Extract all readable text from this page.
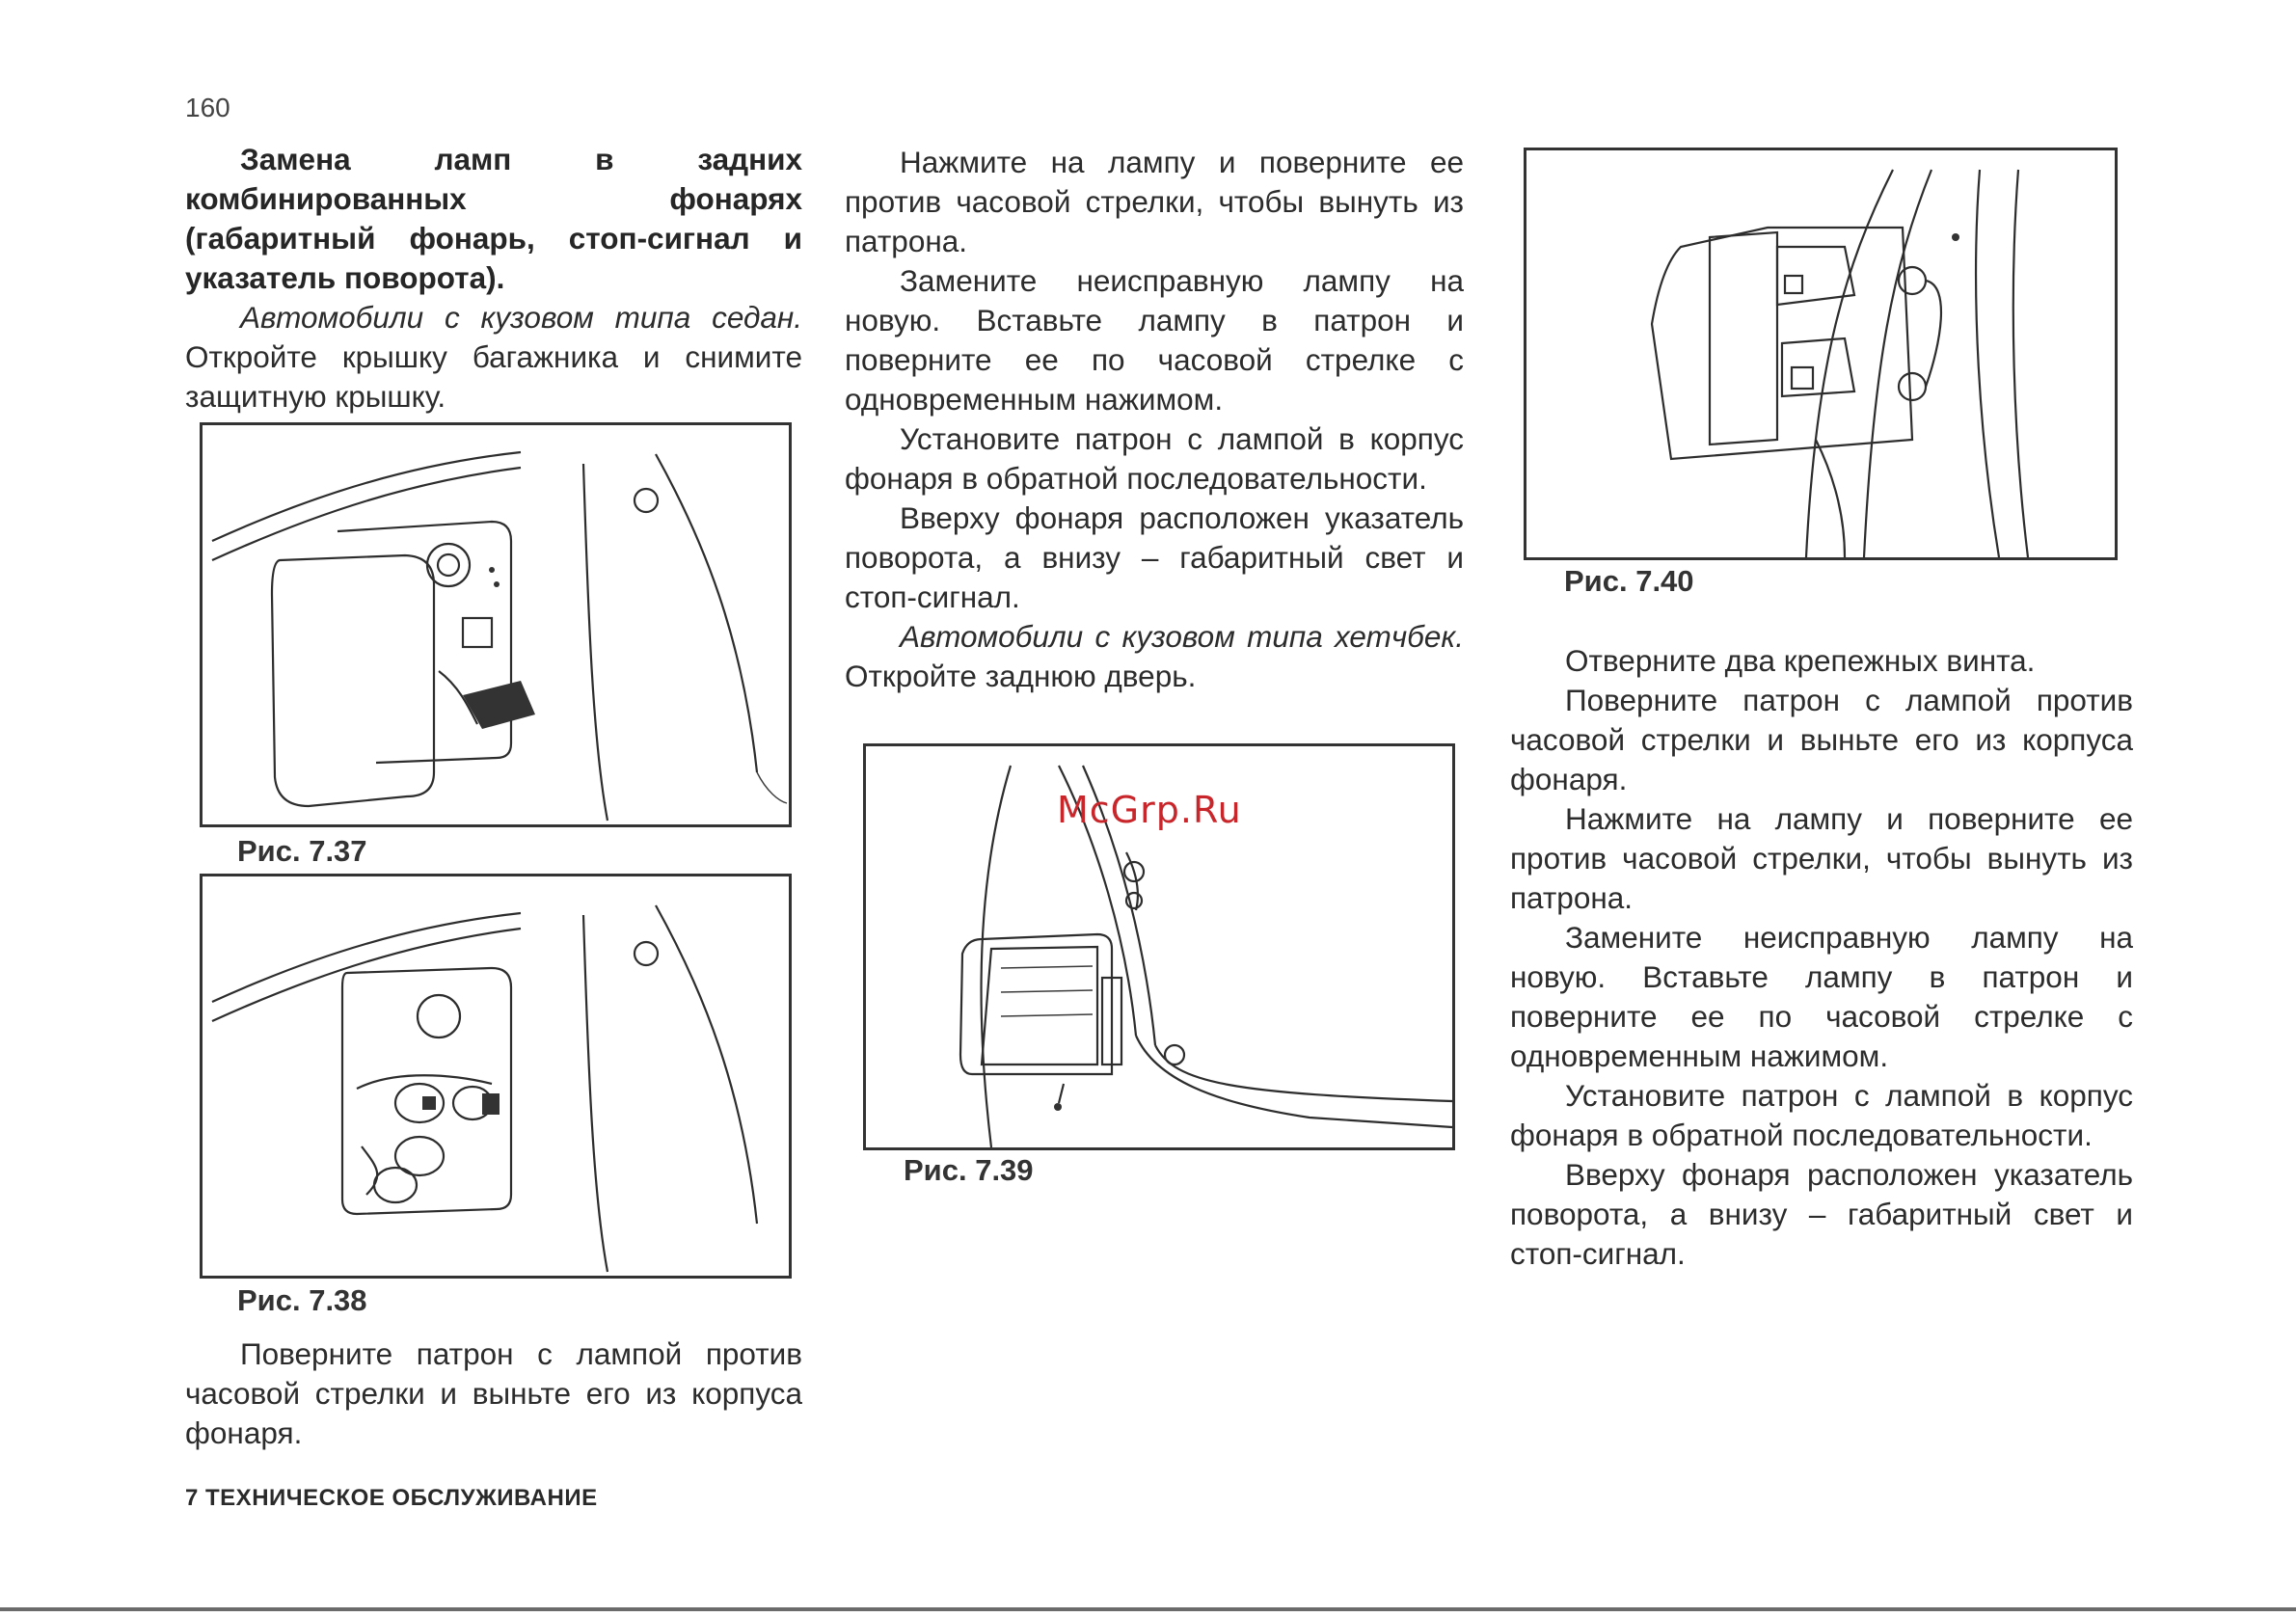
160

Замена ламп в задних комбинированных фонарях (габаритный фонарь, стоп-сигнал и указатель поворота).

Автомобили с кузовом типа седан. Откройте крышку багажника и снимите защитную крышку.

Рис. 7.37
Рис. 7.38

Поверните патрон с лампой против часовой стрелки и выньте его из корпуса фонаря.

Нажмите на лампу и поверните ее против часовой стрелки, чтобы вынуть из патрона.

Замените неисправную лампу на новую. Вставьте лампу в патрон и поверните ее по часовой стрелке с одновременным нажимом.

Установите патрон с лампой в корпус фонаря в обратной последовательности.

Вверху фонаря расположен указатель поворота, а внизу – габаритный свет и стоп-сигнал.

Автомобили с кузовом типа хетчбек. Откройте заднюю дверь.

Рис. 7.39
McGrp.Ru
Рис. 7.40

Отверните два крепежных винта.

Поверните патрон с лампой против часовой стрелки и выньте его из корпуса фонаря.

Нажмите на лампу и поверните ее против часовой стрелки, чтобы вынуть из патрона.

Замените неисправную лампу на новую. Вставьте лампу в патрон и поверните ее по часовой стрелке с одновременным нажимом.

Установите патрон с лампой в корпус фонаря в обратной последовательности.

Вверху фонаря расположен указатель поворота, а внизу – габаритный свет и стоп-сигнал.

7 ТЕХНИЧЕСКОЕ ОБСЛУЖИВАНИЕ
